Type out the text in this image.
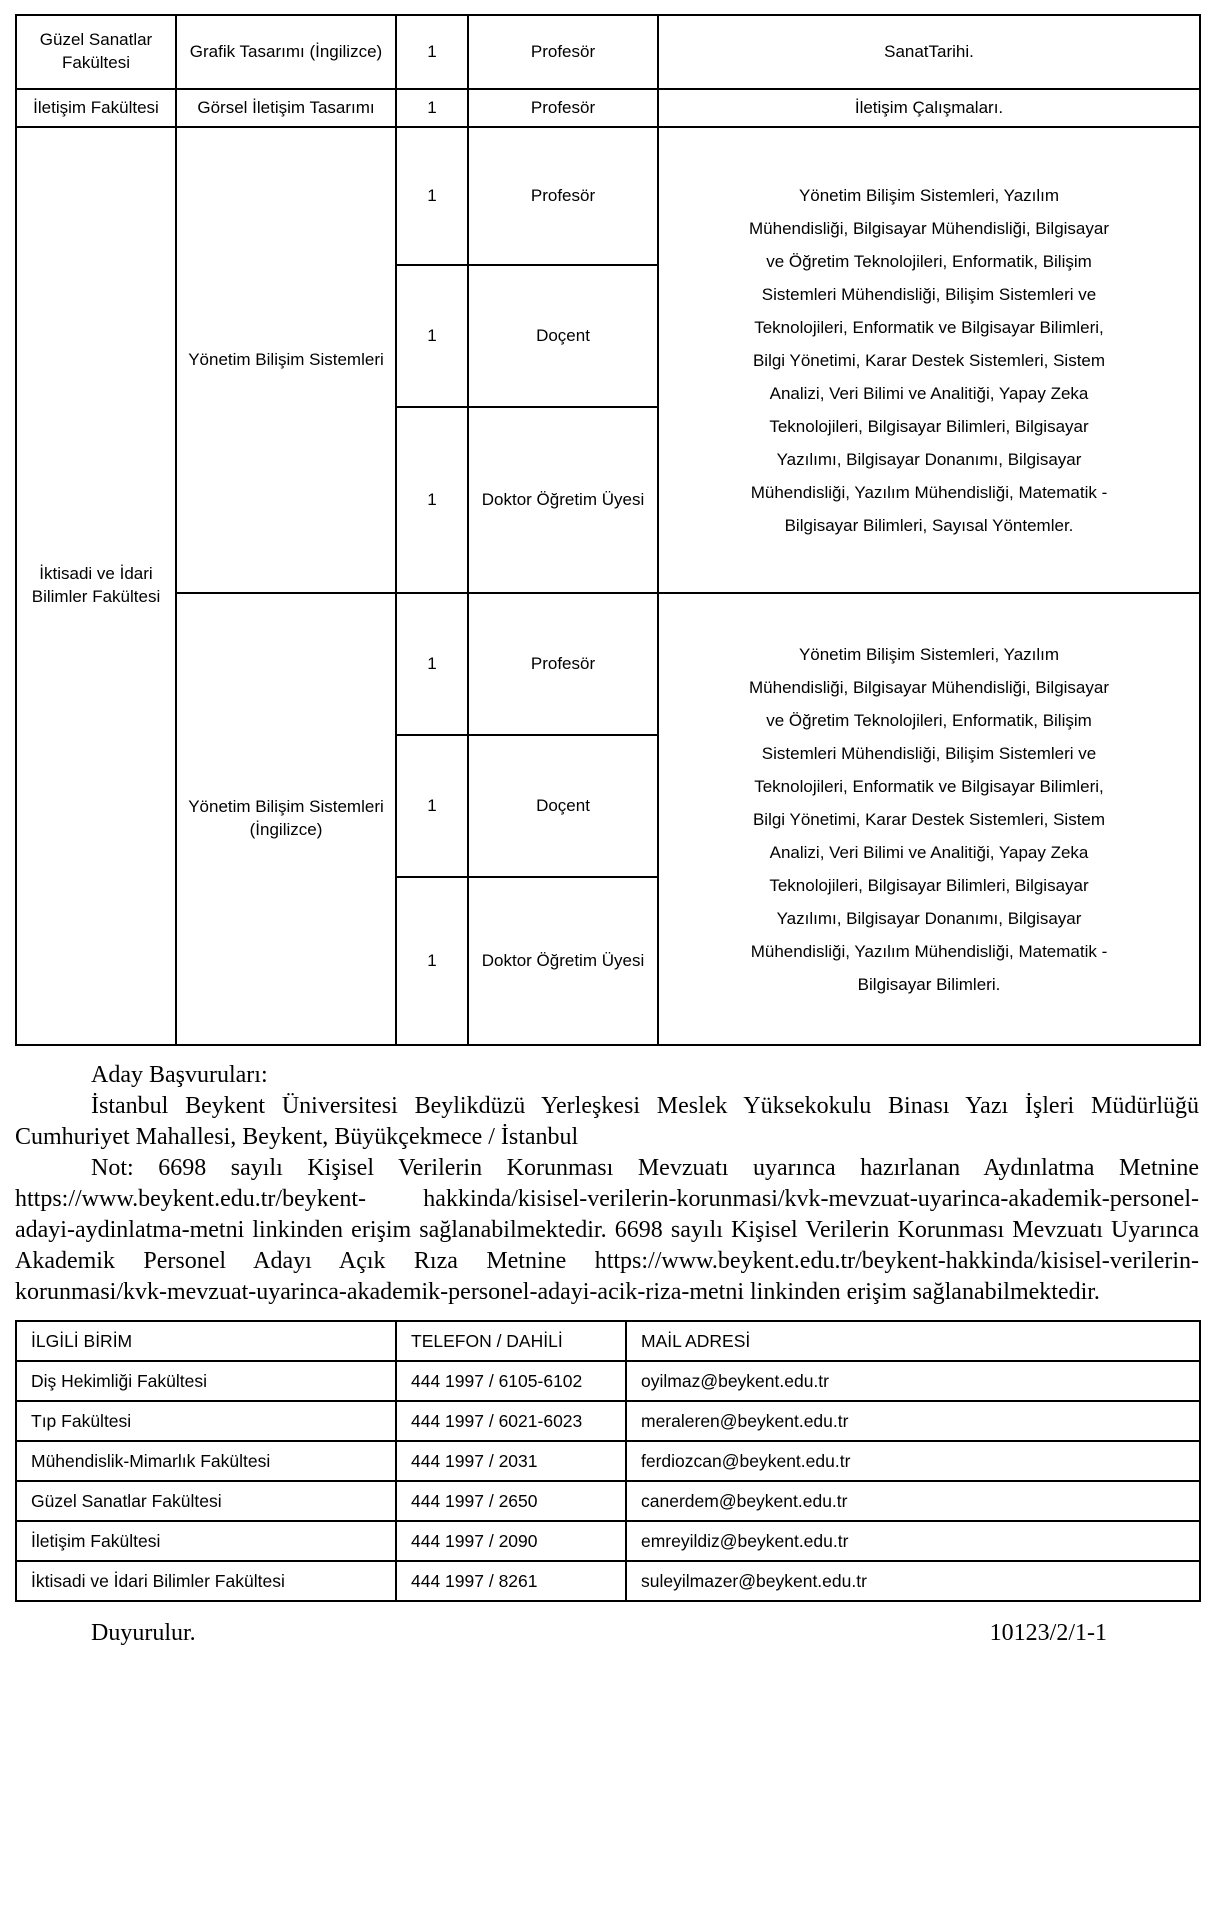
Güzel Sanatlar Fakültesi	Grafik Tasarımı (İngilizce)	1	Profesör	SanatTarihi.
İletişim Fakültesi	Görsel İletişim Tasarımı	1	Profesör	İletişim Çalışmaları.
İktisadi ve İdari Bilimler Fakültesi	Yönetim Bilişim Sistemleri	1	Profesör	Yönetim Bilişim Sistemleri, Yazılım Mühendisliği, Bilgisayar Mühendisliği, Bilgisayar ve Öğretim Teknolojileri, Enformatik, Bilişim Sistemleri Mühendisliği, Bilişim Sistemleri ve Teknolojileri, Enformatik ve Bilgisayar Bilimleri, Bilgi Yönetimi, Karar Destek Sistemleri, Sistem Analizi, Veri Bilimi ve Analitiği, Yapay Zeka Teknolojileri, Bilgisayar Bilimleri, Bilgisayar Yazılımı, Bilgisayar Donanımı, Bilgisayar Mühendisliği, Yazılım Mühendisliği, Matematik - Bilgisayar Bilimleri, Sayısal Yöntemler.
		1	Doçent	
		1	Doktor Öğretim Üyesi	
	Yönetim Bilişim Sistemleri (İngilizce)	1	Profesör	Yönetim Bilişim Sistemleri, Yazılım Mühendisliği, Bilgisayar Mühendisliği, Bilgisayar ve Öğretim Teknolojileri, Enformatik, Bilişim Sistemleri Mühendisliği, Bilişim Sistemleri ve Teknolojileri, Enformatik ve Bilgisayar Bilimleri, Bilgi Yönetimi, Karar Destek Sistemleri, Sistem Analizi, Veri Bilimi ve Analitiği, Yapay Zeka Teknolojileri, Bilgisayar Bilimleri, Bilgisayar Yazılımı, Bilgisayar Donanımı, Bilgisayar Mühendisliği, Yazılım Mühendisliği, Matematik - Bilgisayar Bilimleri.
		1	Doçent	
		1	Doktor Öğretim Üyesi	

Aday Başvuruları:

İstanbul Beykent Üniversitesi Beylikdüzü Yerleşkesi Meslek Yüksekokulu Binası Yazı İşleri Müdürlüğü Cumhuriyet Mahallesi, Beykent, Büyükçekmece / İstanbul

Not: 6698 sayılı Kişisel Verilerin Korunması Mevzuatı uyarınca hazırlanan Aydınlatma Metnine https://www.beykent.edu.tr/beykent- hakkinda/kisisel-verilerin-korunmasi/kvk-mevzuat-uyarinca-akademik-personel-adayi-aydinlatma-metni linkinden erişim sağlanabilmektedir. 6698 sayılı Kişisel Verilerin Korunması Mevzuatı Uyarınca Akademik Personel Adayı Açık Rıza Metnine https://www.beykent.edu.tr/beykent-hakkinda/kisisel-verilerin-korunmasi/kvk-mevzuat-uyarinca-akademik-personel-adayi-acik-riza-metni linkinden erişim sağlanabilmektedir.

İLGİLİ BİRİM	TELEFON / DAHİLİ	MAİL ADRESİ
Diş Hekimliği Fakültesi	444 1997 / 6105-6102	oyilmaz@beykent.edu.tr
Tıp Fakültesi	444 1997 / 6021-6023	meraleren@beykent.edu.tr
Mühendislik-Mimarlık Fakültesi	444 1997 / 2031	ferdiozcan@beykent.edu.tr
Güzel Sanatlar Fakültesi	444 1997 / 2650	canerdem@beykent.edu.tr
İletişim Fakültesi	444 1997 / 2090	emreyildiz@beykent.edu.tr
İktisadi ve İdari Bilimler Fakültesi	444 1997 / 8261	suleyilmazer@beykent.edu.tr
Duyurulur.	10123/2/1-1
